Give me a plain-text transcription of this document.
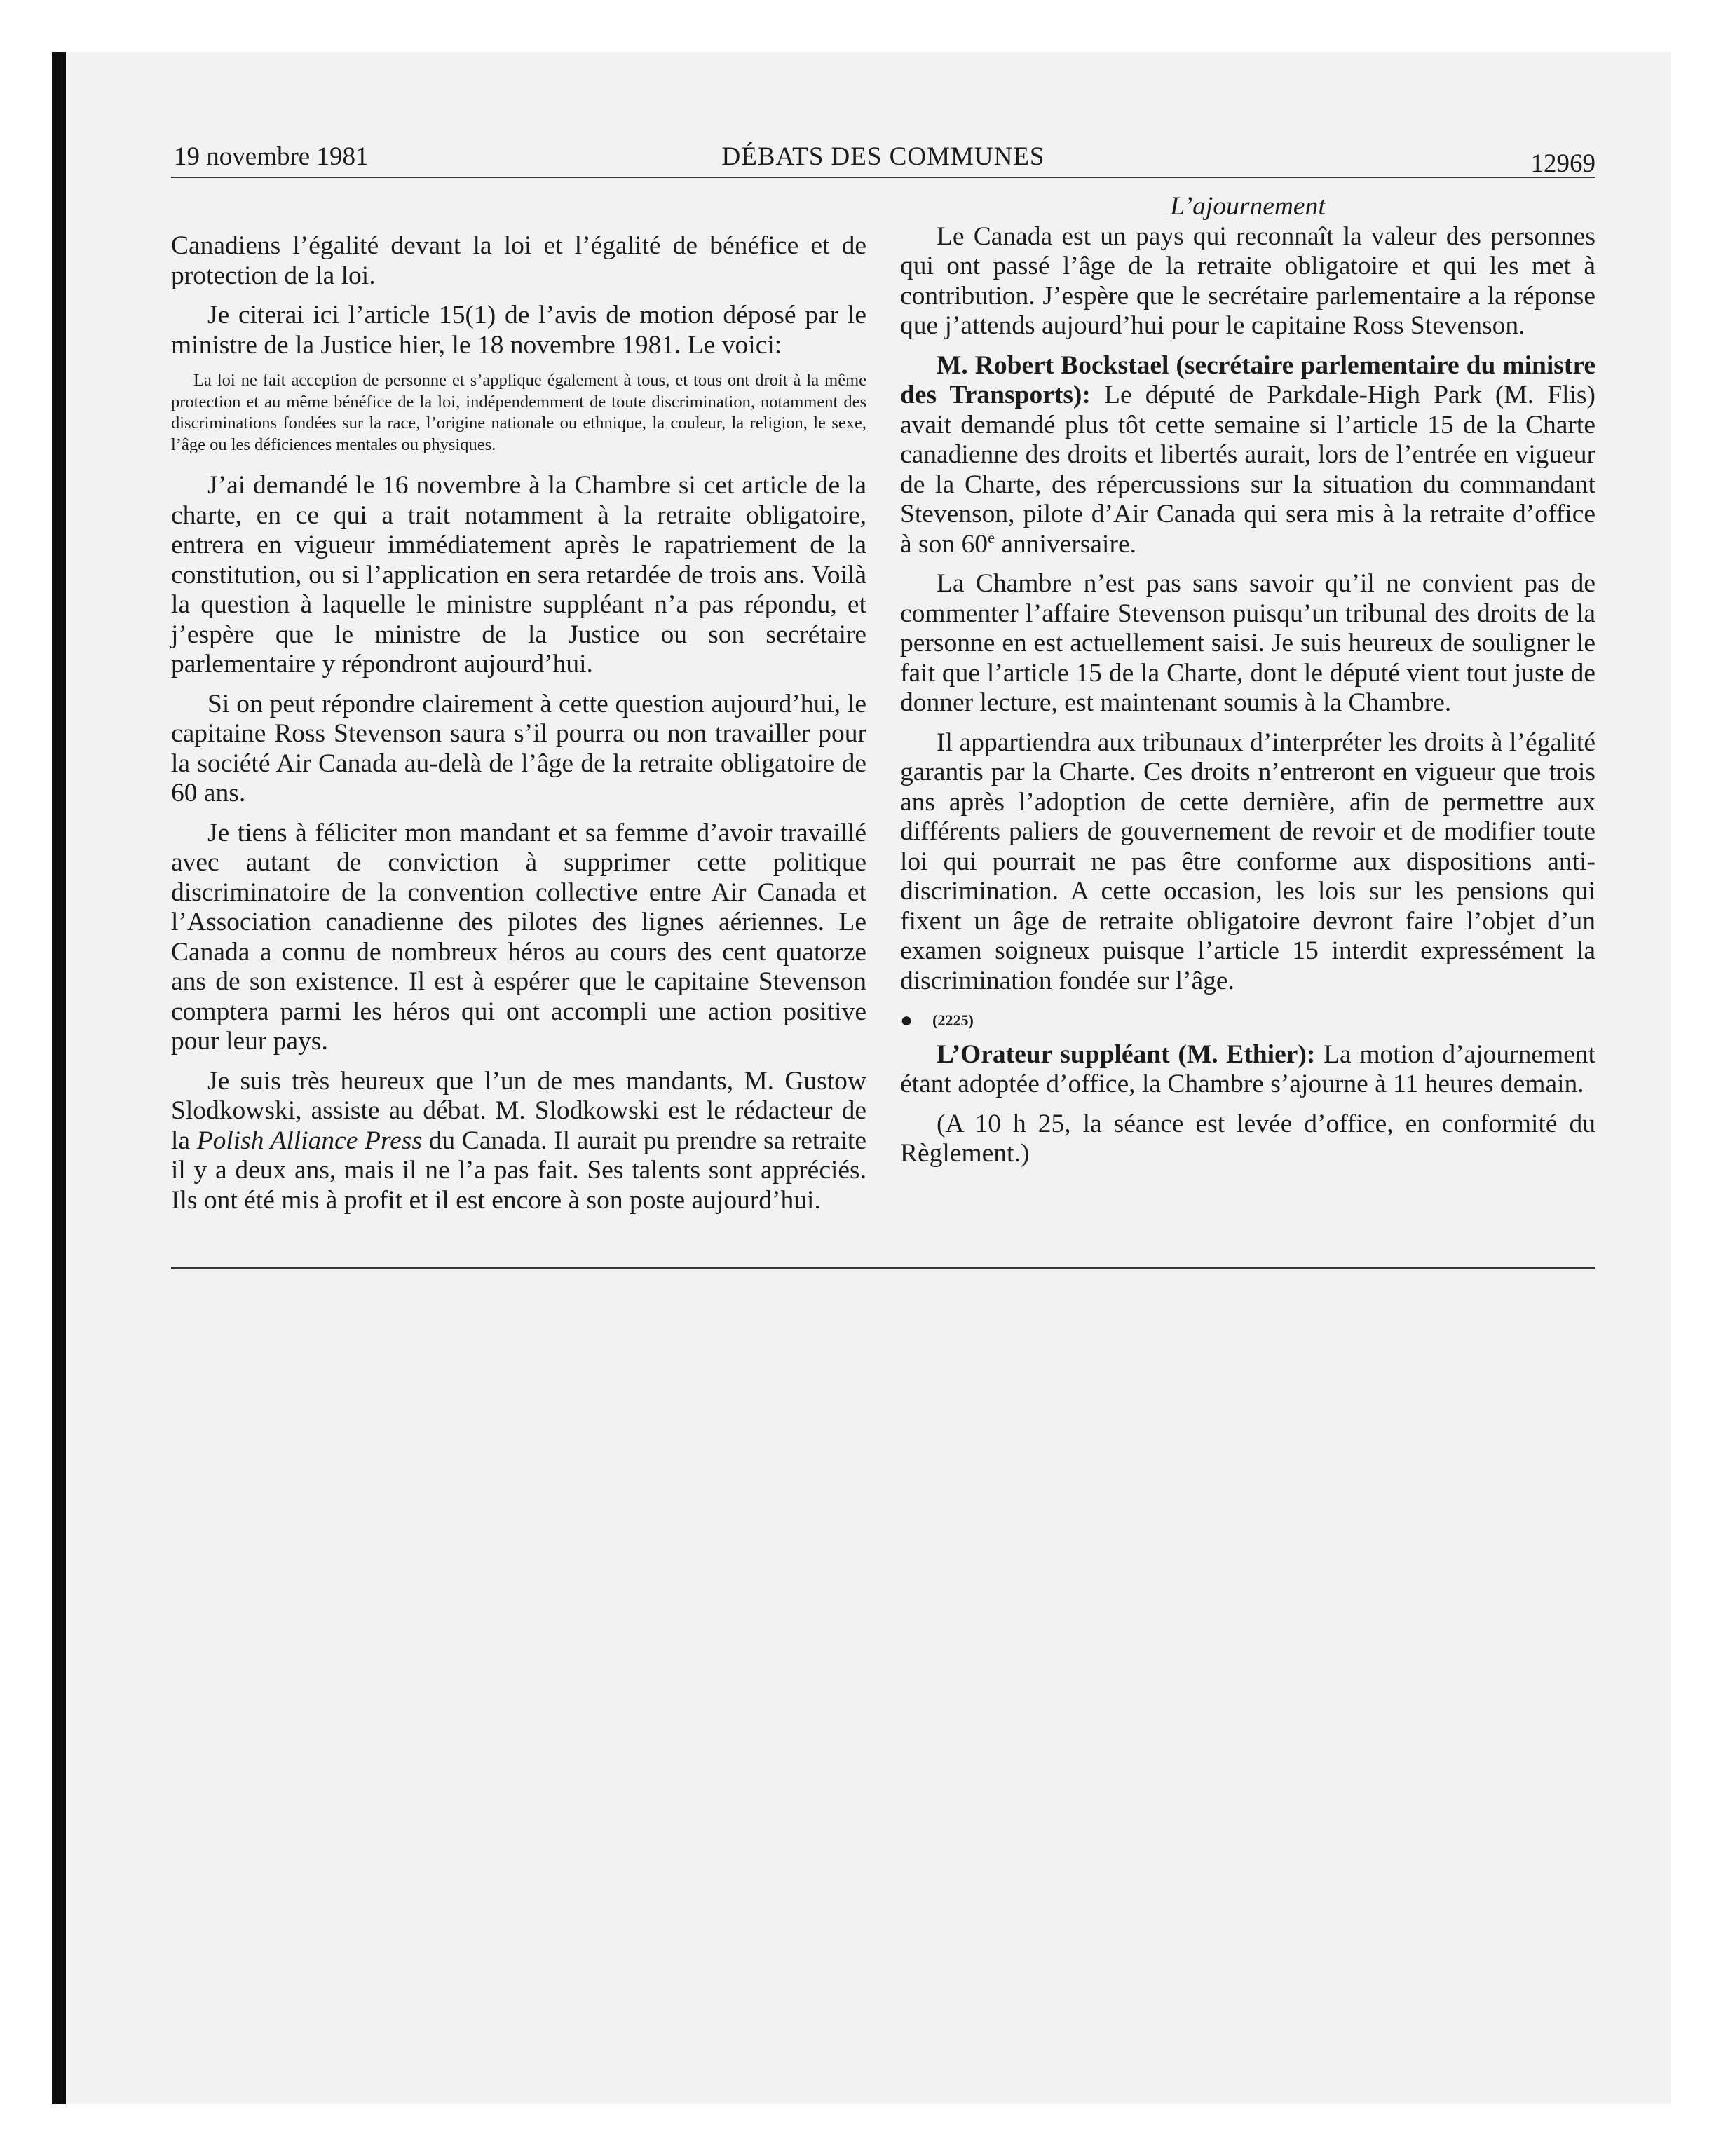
19 novembre 1981	DÉBATS DES COMMUNES	12969

Canadiens l’égalité devant la loi et l’égalité de bénéfice et de protection de la loi.

Je citerai ici l’article 15(1) de l’avis de motion déposé par le ministre de la Justice hier, le 18 novembre 1981. Le voici:

La loi ne fait acception de personne et s’applique également à tous, et tous ont droit à la même protection et au même bénéfice de la loi, indépendemment de toute discrimination, notamment des discriminations fondées sur la race, l’origine nationale ou ethnique, la couleur, la religion, le sexe, l’âge ou les déficiences mentales ou physiques.

J’ai demandé le 16 novembre à la Chambre si cet article de la charte, en ce qui a trait notamment à la retraite obligatoire, entrera en vigueur immédiatement après le rapatriement de la constitution, ou si l’application en sera retardée de trois ans. Voilà la question à laquelle le ministre suppléant n’a pas répondu, et j’espère que le ministre de la Justice ou son secrétaire parlementaire y répondront aujourd’hui.

Si on peut répondre clairement à cette question aujourd’hui, le capitaine Ross Stevenson saura s’il pourra ou non travailler pour la société Air Canada au-delà de l’âge de la retraite obligatoire de 60 ans.

Je tiens à féliciter mon mandant et sa femme d’avoir travaillé avec autant de conviction à supprimer cette politique discriminatoire de la convention collective entre Air Canada et l’Association canadienne des pilotes des lignes aériennes. Le Canada a connu de nombreux héros au cours des cent quatorze ans de son existence. Il est à espérer que le capitaine Stevenson comptera parmi les héros qui ont accompli une action positive pour leur pays.

Je suis très heureux que l’un de mes mandants, M. Gustow Slodkowski, assiste au débat. M. Slodkowski est le rédacteur de la Polish Alliance Press du Canada. Il aurait pu prendre sa retraite il y a deux ans, mais il ne l’a pas fait. Ses talents sont appréciés. Ils ont été mis à profit et il est encore à son poste aujourd’hui.

L’ajournement

Le Canada est un pays qui reconnaît la valeur des personnes qui ont passé l’âge de la retraite obligatoire et qui les met à contribution. J’espère que le secrétaire parlementaire a la réponse que j’attends aujourd’hui pour le capitaine Ross Stevenson.

M. Robert Bockstael (secrétaire parlementaire du ministre des Transports): Le député de Parkdale-High Park (M. Flis) avait demandé plus tôt cette semaine si l’article 15 de la Charte canadienne des droits et libertés aurait, lors de l’entrée en vigueur de la Charte, des répercussions sur la situation du commandant Stevenson, pilote d’Air Canada qui sera mis à la retraite d’office à son 60e anniversaire.

La Chambre n’est pas sans savoir qu’il ne convient pas de commenter l’affaire Stevenson puisqu’un tribunal des droits de la personne en est actuellement saisi. Je suis heureux de souligner le fait que l’article 15 de la Charte, dont le député vient tout juste de donner lecture, est maintenant soumis à la Chambre.

Il appartiendra aux tribunaux d’interpréter les droits à l’égalité garantis par la Charte. Ces droits n’entreront en vigueur que trois ans après l’adoption de cette dernière, afin de permettre aux différents paliers de gouvernement de revoir et de modifier toute loi qui pourrait ne pas être conforme aux dispositions anti-discrimination. A cette occasion, les lois sur les pensions qui fixent un âge de retraite obligatoire devront faire l’objet d’un examen soigneux puisque l’article 15 interdit expressément la discrimination fondée sur l’âge.

● (2225)

L’Orateur suppléant (M. Ethier): La motion d’ajournement étant adoptée d’office, la Chambre s’ajourne à 11 heures demain.

(A 10 h 25, la séance est levée d’office, en conformité du Règlement.)
